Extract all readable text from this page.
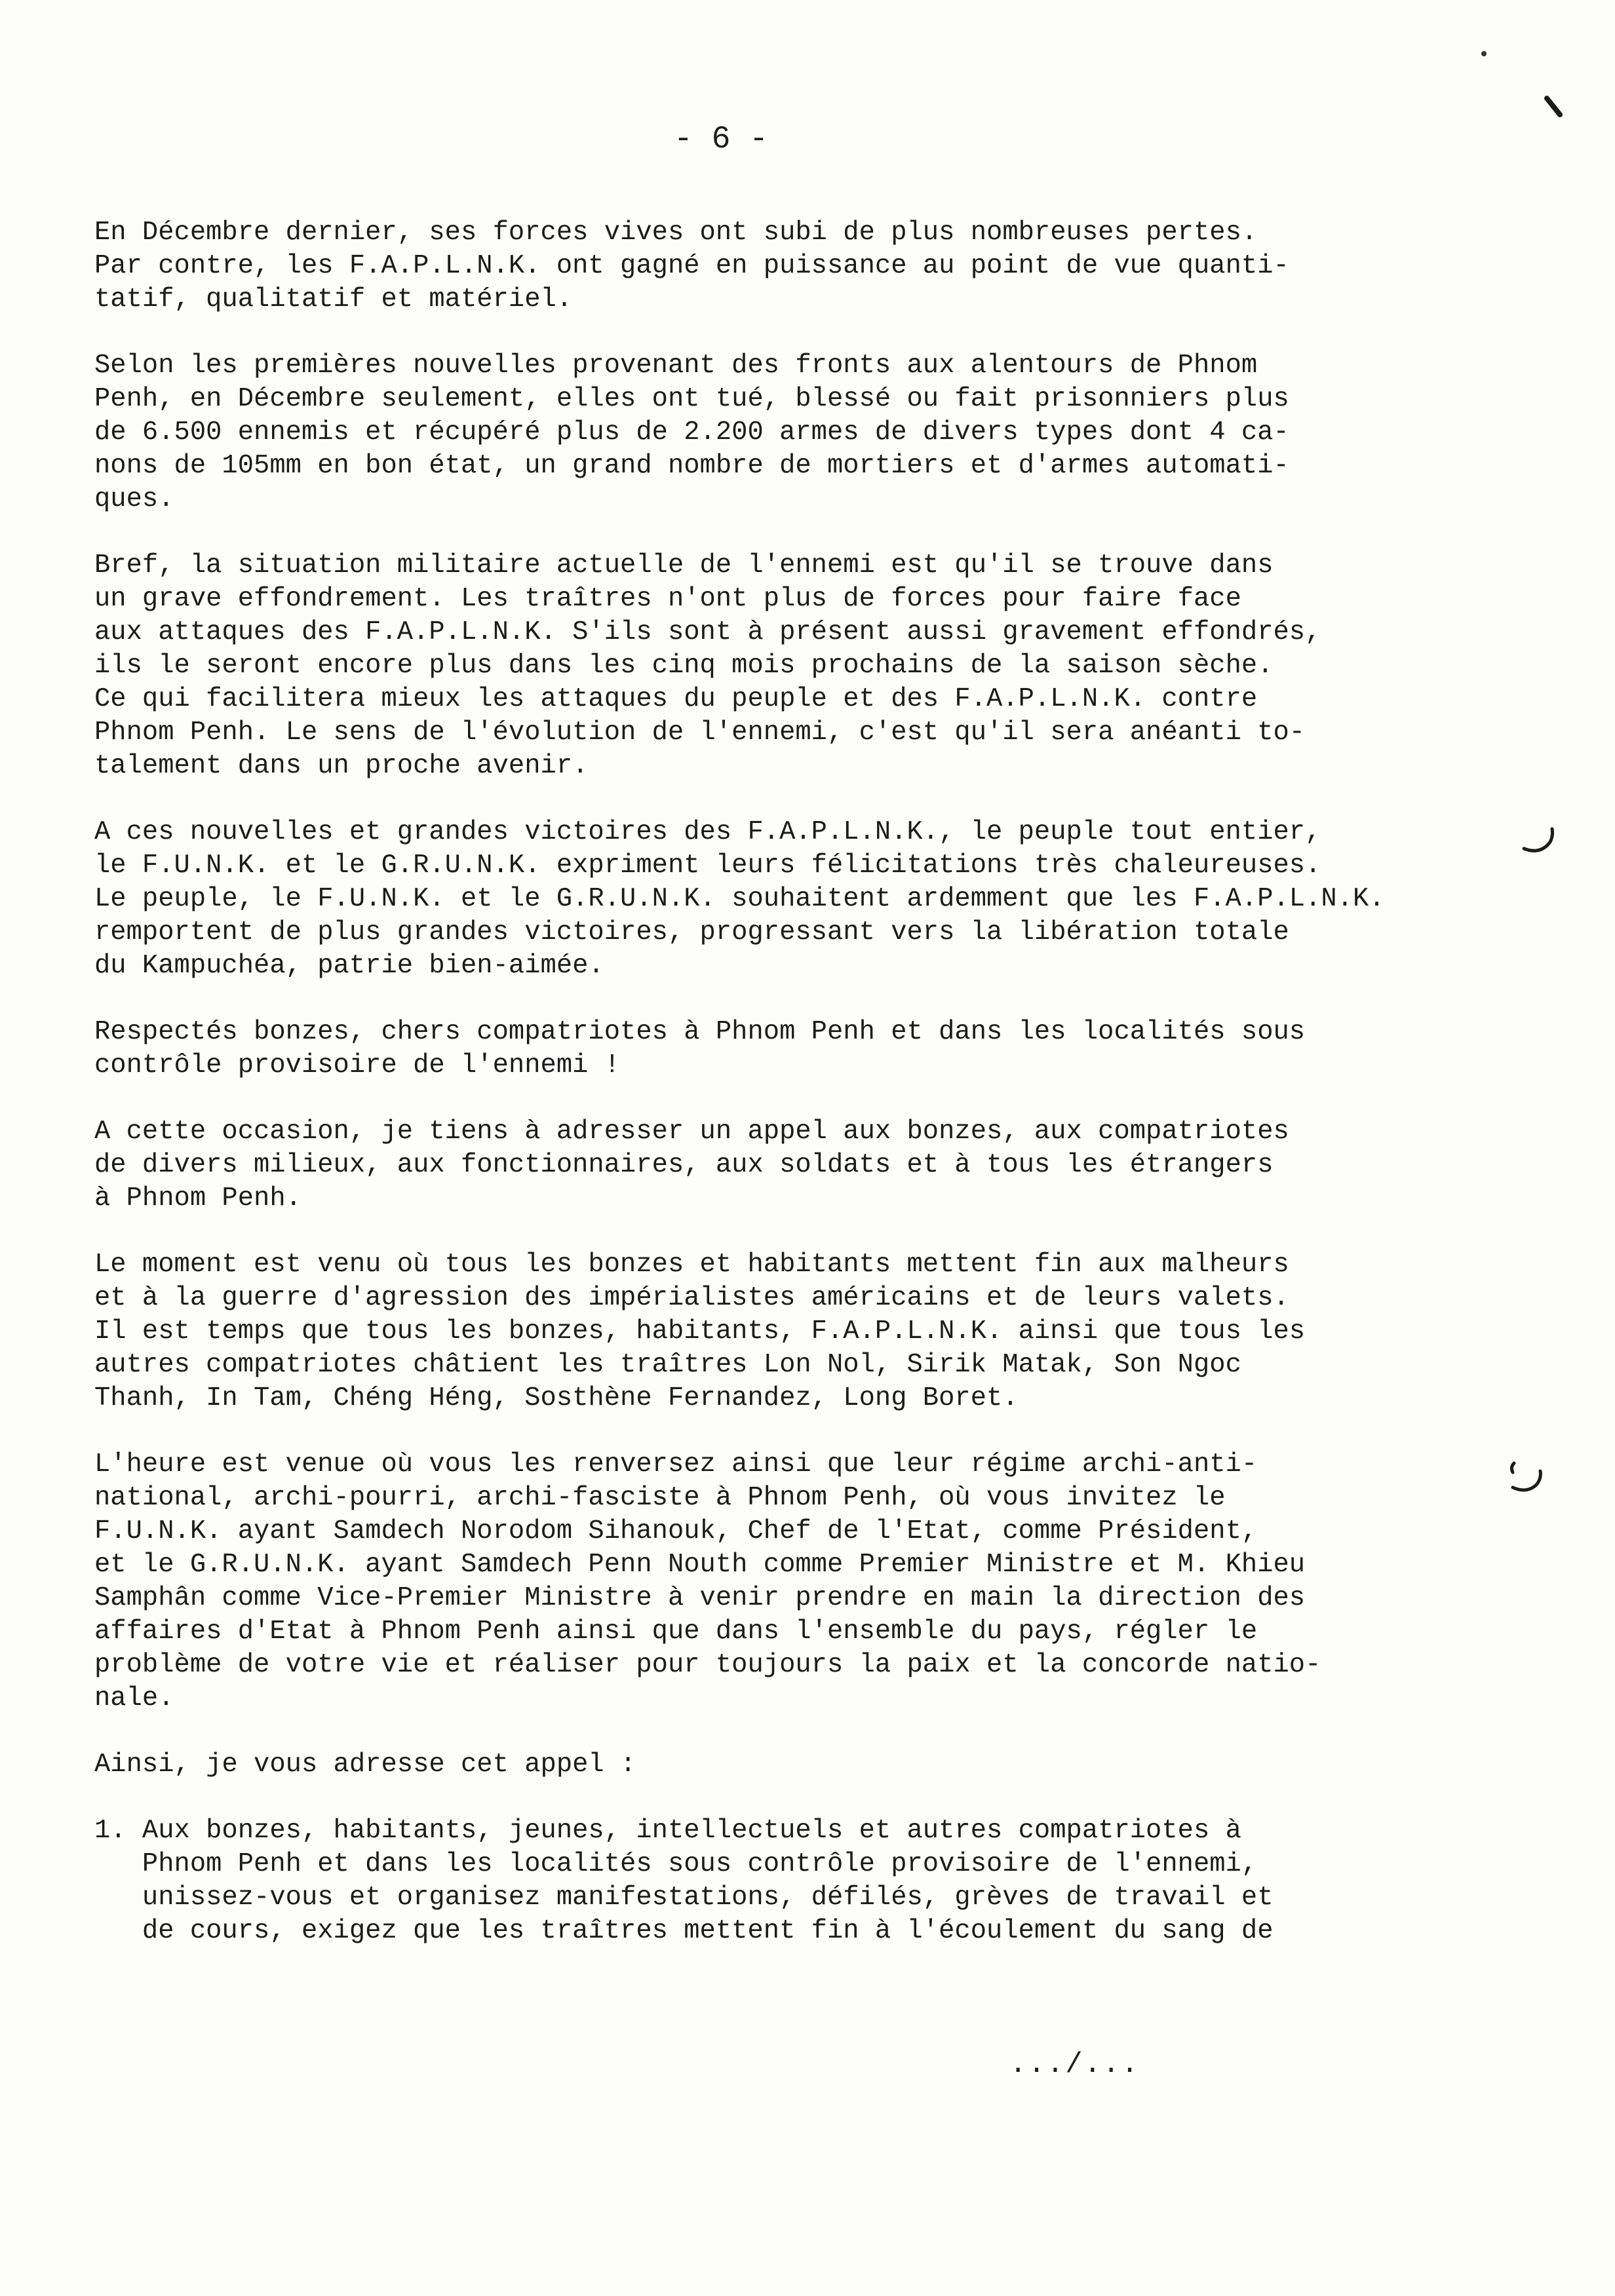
- 6 -
En Décembre dernier, ses forces vives ont subi de plus nombreuses pertes.
Par contre, les F.A.P.L.N.K. ont gagné en puissance au point de vue quanti-
tatif, qualitatif et matériel.
Selon les premières nouvelles provenant des fronts aux alentours de Phnom
Penh, en Décembre seulement, elles ont tué, blessé ou fait prisonniers plus
de 6.500 ennemis et récupéré plus de 2.200 armes de divers types dont 4 ca-
nons de 105mm en bon état, un grand nombre de mortiers et d'armes automati-
ques.
Bref, la situation militaire actuelle de l'ennemi est qu'il se trouve dans
un grave effondrement. Les traîtres n'ont plus de forces pour faire face
aux attaques des F.A.P.L.N.K. S'ils sont à présent aussi gravement effondrés,
ils le seront encore plus dans les cinq mois prochains de la saison sèche.
Ce qui facilitera mieux les attaques du peuple et des F.A.P.L.N.K. contre
Phnom Penh. Le sens de l'évolution de l'ennemi, c'est qu'il sera anéanti to-
talement dans un proche avenir.
A ces nouvelles et grandes victoires des F.A.P.L.N.K., le peuple tout entier,
le F.U.N.K. et le G.R.U.N.K. expriment leurs félicitations très chaleureuses.
Le peuple, le F.U.N.K. et le G.R.U.N.K. souhaitent ardemment que les F.A.P.L.N.K.
remportent de plus grandes victoires, progressant vers la libération totale
du Kampuchéa, patrie bien-aimée.
Respectés bonzes, chers compatriotes à Phnom Penh et dans les localités sous
contrôle provisoire de l'ennemi !
A cette occasion, je tiens à adresser un appel aux bonzes, aux compatriotes
de divers milieux, aux fonctionnaires, aux soldats et à tous les étrangers
à Phnom Penh.
Le moment est venu où tous les bonzes et habitants mettent fin aux malheurs
et à la guerre d'agression des impérialistes américains et de leurs valets.
Il est temps que tous les bonzes, habitants, F.A.P.L.N.K. ainsi que tous les
autres compatriotes châtient les traîtres Lon Nol, Sirik Matak, Son Ngoc
Thanh, In Tam, Chéng Héng, Sosthène Fernandez, Long Boret.
L'heure est venue où vous les renversez ainsi que leur régime archi-anti-
national, archi-pourri, archi-fasciste à Phnom Penh, où vous invitez le
F.U.N.K. ayant Samdech Norodom Sihanouk, Chef de l'Etat, comme Président,
et le G.R.U.N.K. ayant Samdech Penn Nouth comme Premier Ministre et M. Khieu
Samphân comme Vice-Premier Ministre à venir prendre en main la direction des
affaires d'Etat à Phnom Penh ainsi que dans l'ensemble du pays, régler le
problème de votre vie et réaliser pour toujours la paix et la concorde natio-
nale.
Ainsi, je vous adresse cet appel :
1. Aux bonzes, habitants, jeunes, intellectuels et autres compatriotes à
Phnom Penh et dans les localités sous contrôle provisoire de l'ennemi,
unissez-vous et organisez manifestations, défilés, grèves de travail et
de cours, exigez que les traîtres mettent fin à l'écoulement du sang de
.../...
